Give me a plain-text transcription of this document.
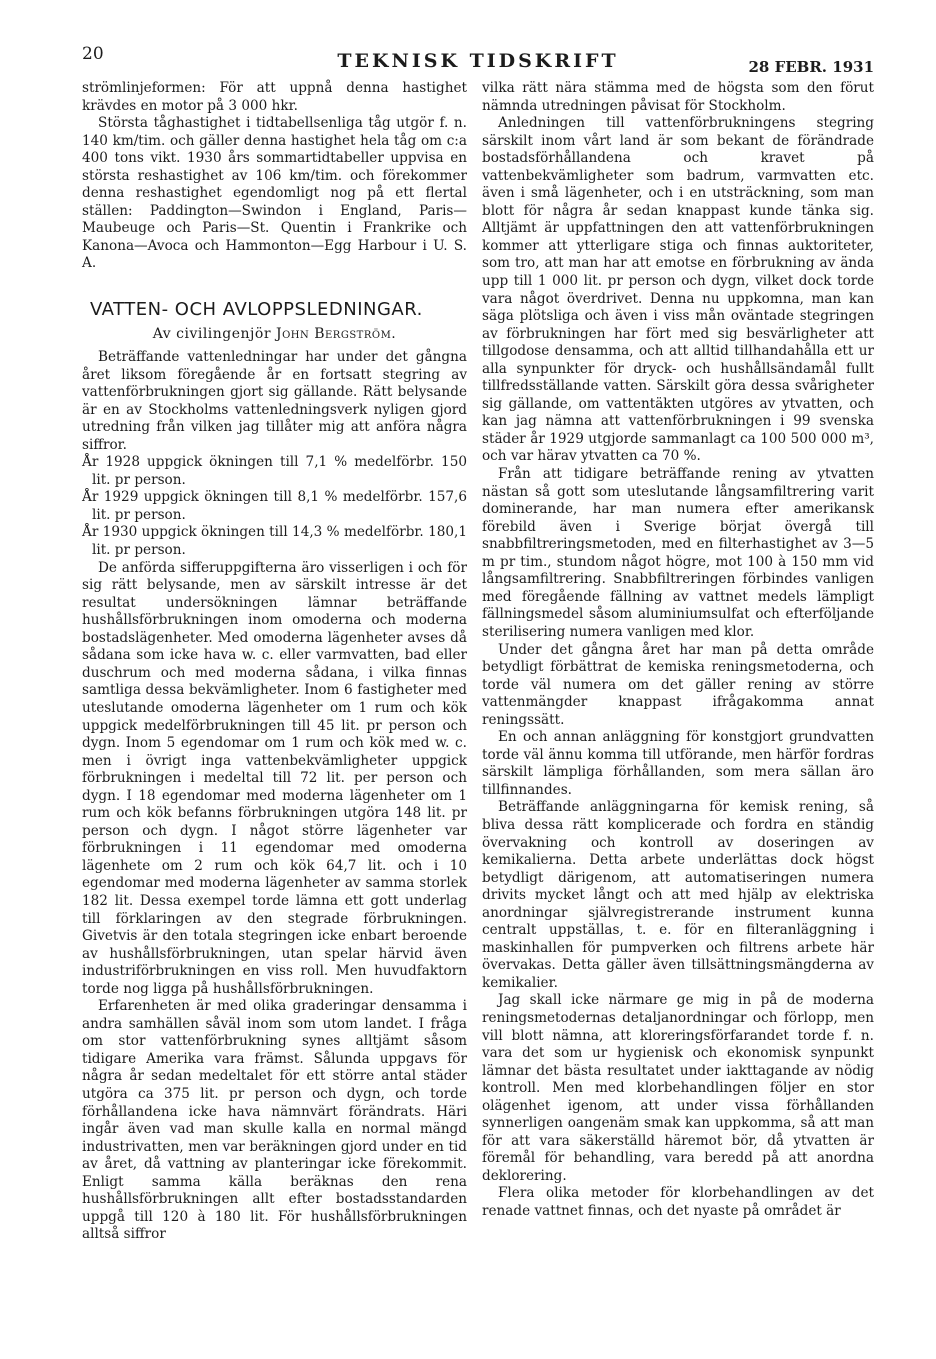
20	TEKNISK TIDSKRIFT	28 FEBR. 1931

strömlinjeformen: För att uppnå denna hastighet krävdes en motor på 3 000 hkr.

Största tåghastighet i tidtabellsenliga tåg utgör f. n. 140 km/tim. och gäller denna hastighet hela tåg om c:a 400 tons vikt. 1930 års sommartidtabeller uppvisa en största reshastighet av 106 km/tim. och förekommer denna reshastighet egendomligt nog på ett flertal ställen: Paddington—Swindon i England, Paris—Maubeuge och Paris—St. Quentin i Frankrike och Kanona—Avoca och Hammonton—Egg Harbour i U. S. A.

VATTEN- OCH AVLOPPSLEDNINGAR.
Av civilingenjör John Bergström.

Beträffande vattenledningar har under det gångna året liksom föregående år en fortsatt stegring av vattenförbrukningen gjort sig gällande. Rätt belysande är en av Stockholms vattenledningsverk nyligen gjord utredning från vilken jag tillåter mig att anföra några siffror.

År 1928 uppgick ökningen till 7,1 % medelförbr. 150 lit. pr person.

År 1929 uppgick ökningen till 8,1 % medelförbr. 157,6 lit. pr person.

År 1930 uppgick ökningen till 14,3 % medelförbr. 180,1 lit. pr person.

De anförda sifferuppgifterna äro visserligen i och för sig rätt belysande, men av särskilt intresse är det resultat undersökningen lämnar beträffande hushållsförbrukningen inom omoderna och moderna bostadslägenheter. Med omoderna lägenheter avses då sådana som icke hava w. c. eller varmvatten, bad eller duschrum och med moderna sådana, i vilka finnas samtliga dessa bekvämligheter. Inom 6 fastigheter med uteslutande omoderna lägenheter om 1 rum och kök uppgick medelförbrukningen till 45 lit. pr person och dygn. Inom 5 egendomar om 1 rum och kök med w. c. men i övrigt inga vattenbekvämligheter uppgick förbrukningen i medeltal till 72 lit. per person och dygn. I 18 egendomar med moderna lägenheter om 1 rum och kök befanns förbrukningen utgöra 148 lit. pr person och dygn. I något större lägenheter var förbrukningen i 11 egendomar med omoderna lägenhete om 2 rum och kök 64,7 lit. och i 10 egendomar med moderna lägenheter av samma storlek 182 lit. Dessa exempel torde lämna ett gott underlag till förklaringen av den stegrade förbrukningen. Givetvis är den totala stegringen icke enbart beroende av hushållsförbrukningen, utan spelar härvid även industriförbrukningen en viss roll. Men huvudfaktorn torde nog ligga på hushållsförbrukningen.

Erfarenheten är med olika graderingar densamma i andra samhällen såväl inom som utom landet. I fråga om stor vattenförbrukning synes alltjämt såsom tidigare Amerika vara främst. Sålunda uppgavs för några år sedan medeltalet för ett större antal städer utgöra ca 375 lit. pr person och dygn, och torde förhållandena icke hava nämnvärt förändrats. Häri ingår även vad man skulle kalla en normal mängd industrivatten, men var beräkningen gjord under en tid av året, då vattning av planteringar icke förekommit. Enligt samma källa beräknas den rena hushållsförbrukningen allt efter bostadsstandarden uppgå till 120 à 180 lit. För hushållsförbrukningen alltså siffror

vilka rätt nära stämma med de högsta som den förut nämnda utredningen påvisat för Stockholm.

Anledningen till vattenförbrukningens stegring särskilt inom vårt land är som bekant de förändrade bostadsförhållandena och kravet på vattenbekvämligheter som badrum, varmvatten etc. även i små lägenheter, och i en utsträckning, som man blott för några år sedan knappast kunde tänka sig. Alltjämt är uppfattningen den att vattenförbrukningen kommer att ytterligare stiga och finnas auktoriteter, som tro, att man har att emotse en förbrukning av ända upp till 1 000 lit. pr person och dygn, vilket dock torde vara något överdrivet. Denna nu uppkomna, man kan säga plötsliga och även i viss mån oväntade stegringen av förbrukningen har fört med sig besvärligheter att tillgodose densamma, och att alltid tillhandahålla ett ur alla synpunkter för dryck- och hushållsändamål fullt tillfredsställande vatten. Särskilt göra dessa svårigheter sig gällande, om vattentäkten utgöres av ytvatten, och kan jag nämna att vattenförbrukningen i 99 svenska städer år 1929 utgjorde sammanlagt ca 100 500 000 m³, och var härav ytvatten ca 70 %.

Från att tidigare beträffande rening av ytvatten nästan så gott som uteslutande långsamfiltrering varit dominerande, har man numera efter amerikansk förebild även i Sverige börjat övergå till snabbfiltreringsmetoden, med en filterhastighet av 3—5 m pr tim., stundom något högre, mot 100 à 150 mm vid långsamfiltrering. Snabbfiltreringen förbindes vanligen med föregående fällning av vattnet medels lämpligt fällningsmedel såsom aluminiumsulfat och efterföljande sterilisering numera vanligen med klor.

Under det gångna året har man på detta område betydligt förbättrat de kemiska reningsmetoderna, och torde väl numera om det gäller rening av större vattenmängder knappast ifrågakomma annat reningssätt.

En och annan anläggning för konstgjort grundvatten torde väl ännu komma till utförande, men härför fordras särskilt lämpliga förhållanden, som mera sällan äro tillfinnandes.

Beträffande anläggningarna för kemisk rening, så bliva dessa rätt komplicerade och fordra en ständig övervakning och kontroll av doseringen av kemikalierna. Detta arbete underlättas dock högst betydligt därigenom, att automatiseringen numera drivits mycket långt och att med hjälp av elektriska anordningar självregistrerande instrument kunna centralt uppställas, t. e. för en filteranläggning i maskinhallen för pumpverken och filtrens arbete här övervakas. Detta gäller även tillsättningsmängderna av kemikalier.

Jag skall icke närmare ge mig in på de moderna reningsmetodernas detaljanordningar och förlopp, men vill blott nämna, att kloreringsförfarandet torde f. n. vara det som ur hygienisk och ekonomisk synpunkt lämnar det bästa resultatet under iakttagande av nödig kontroll. Men med klorbehandlingen följer en stor olägenhet igenom, att under vissa förhållanden synnerligen oangenäm smak kan uppkomma, så att man för att vara säkerställd häremot bör, då ytvatten är föremål för behandling, vara beredd på att anordna deklorering.

Flera olika metoder för klorbehandlingen av det renade vattnet finnas, och det nyaste på området är
